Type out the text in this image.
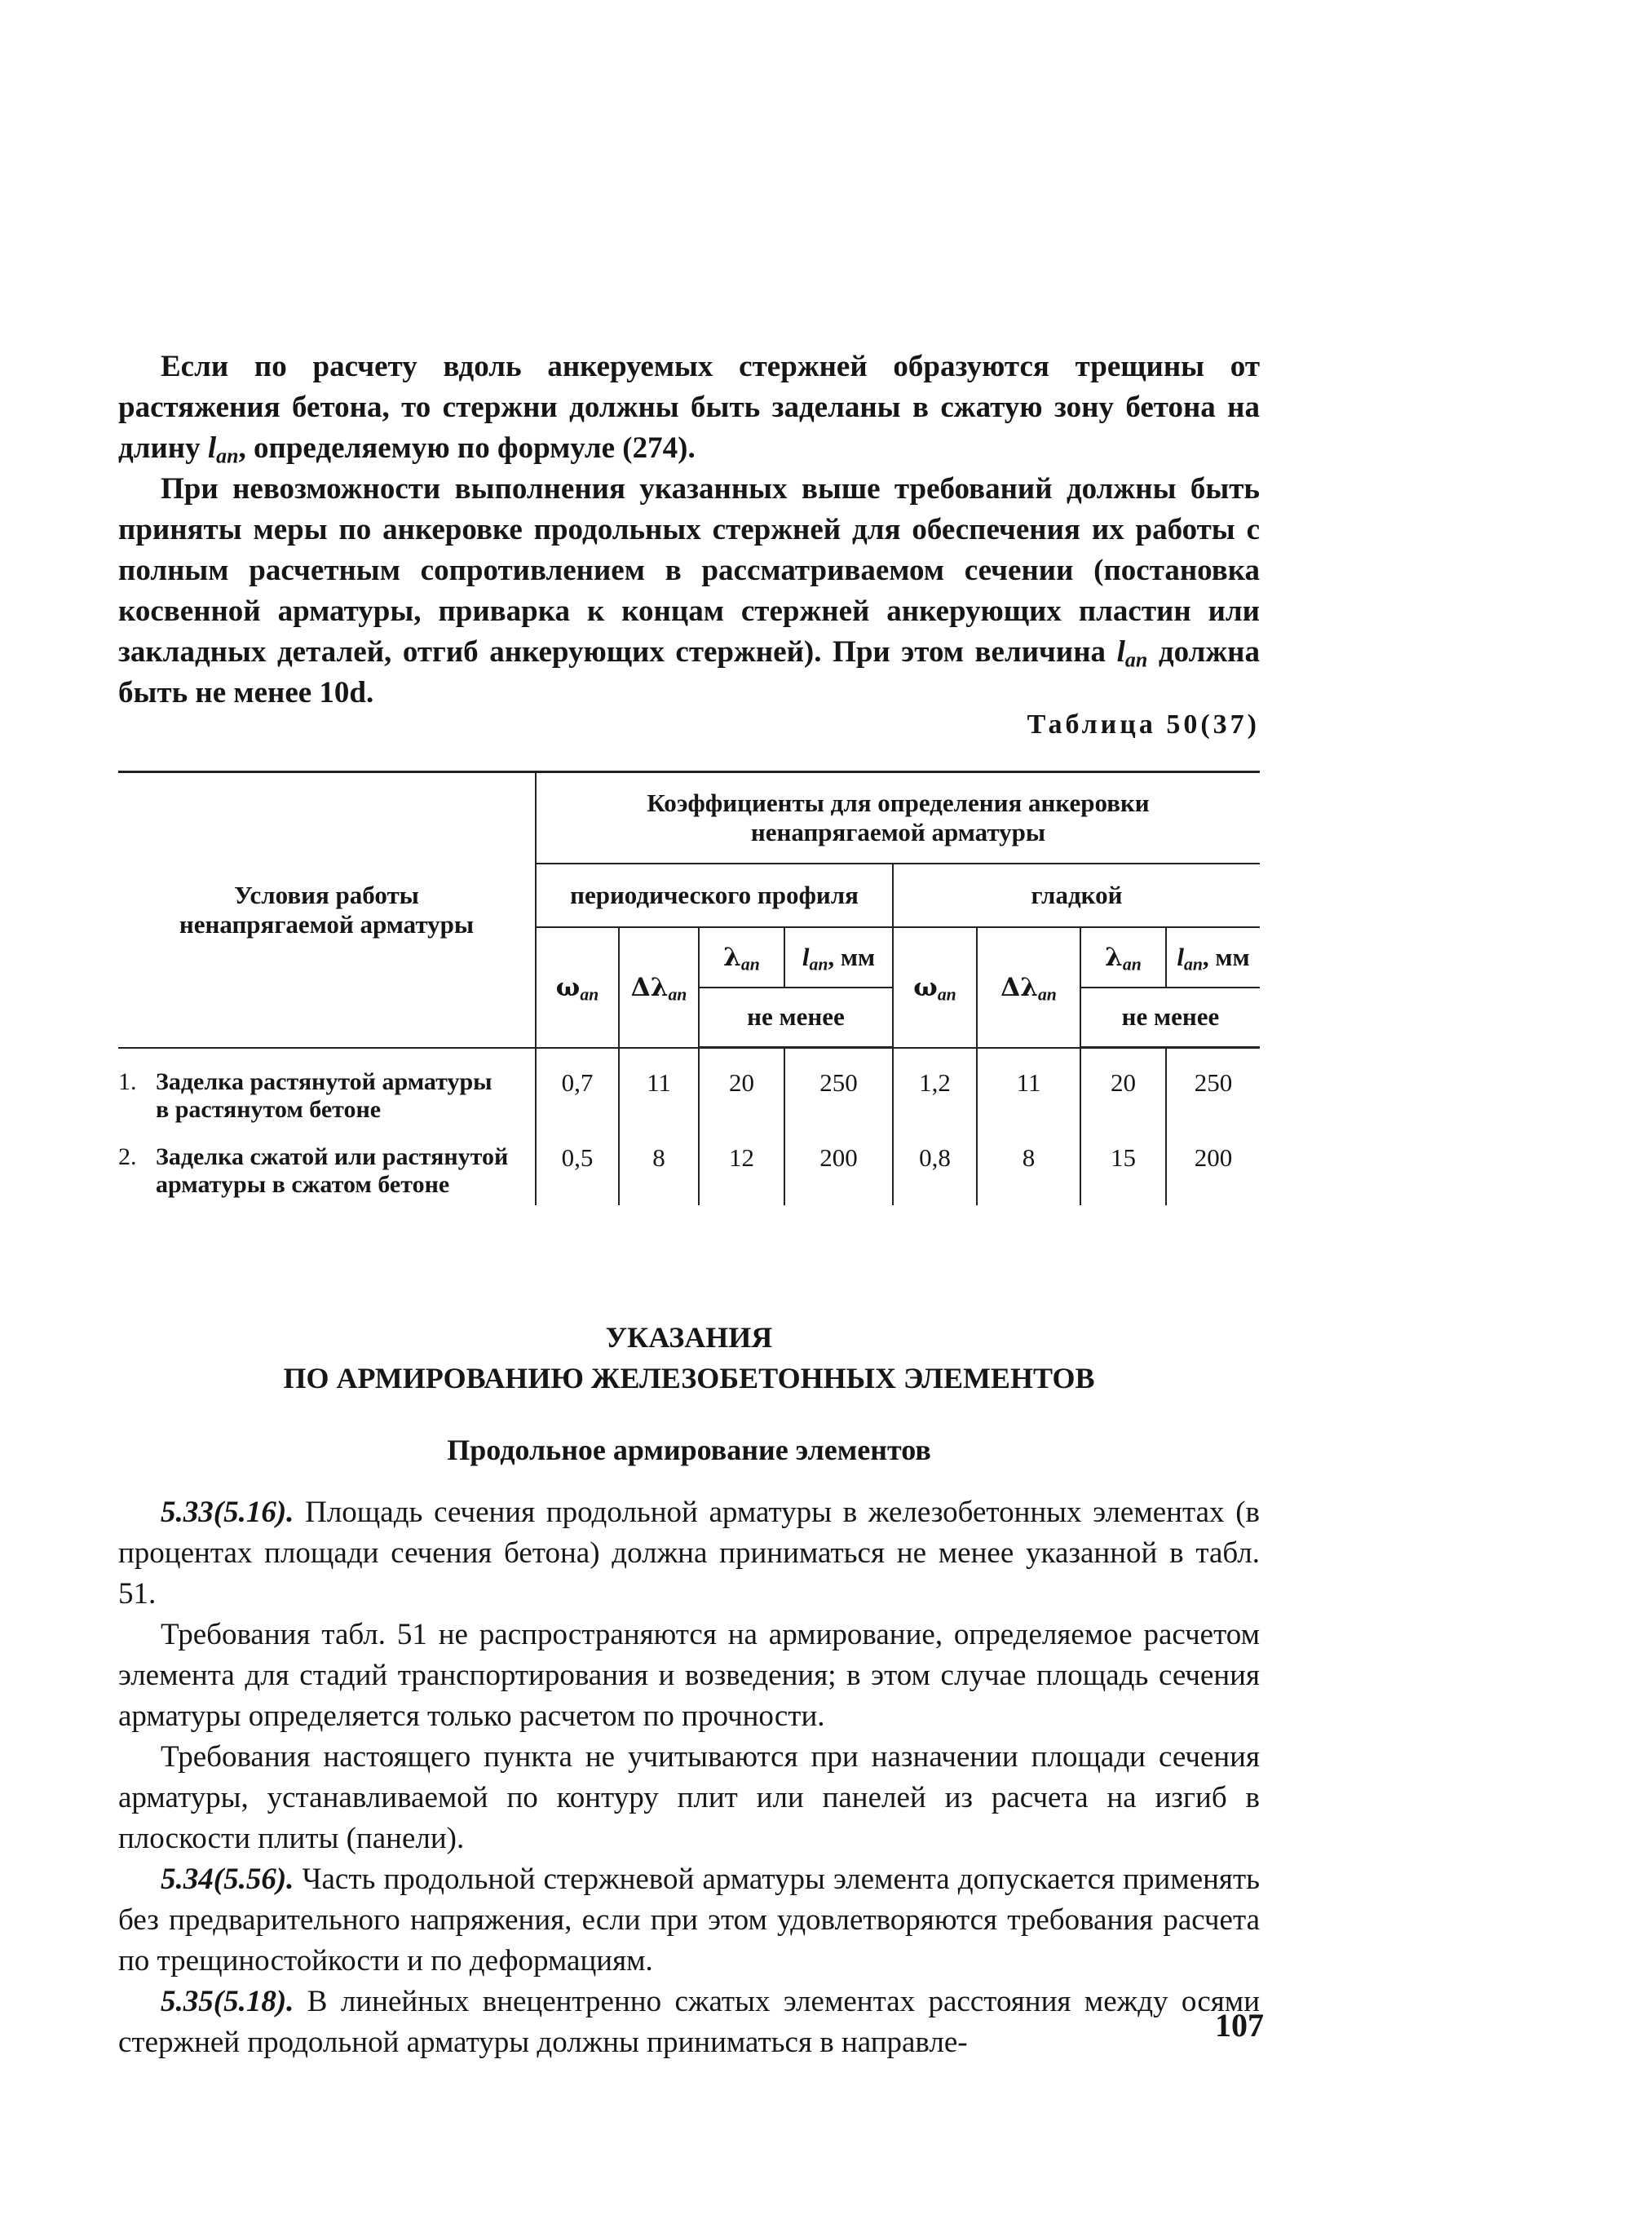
Если по расчету вдоль анкеруемых стержней образуются трещины от растяжения бетона, то стержни должны быть заделаны в сжатую зону бетона на длину $l_{an}$, определяемую по формуле (274).

При невозможности выполнения указанных выше требований должны быть приняты меры по анкеровке продольных стержней для обеспечения их работы с полным расчетным сопротивлением в рассматриваемом сечении (постановка косвенной арматуры, приварка к концам стержней анкерующих пластин или закладных деталей, отгиб анкерующих стержней). При этом величина $l_{an}$ должна быть не менее 10d.

Таблица 50(37)
Условия работы ненапрягаемой арматуры	Коэффициенты для определения анкеровки ненапрягаемой арматуры							
	периодического профиля				гладкой			
	$\omega_{an}$	$\Delta\lambda_{an}$	$\lambda_{an}$	$l_{an}$, мм	$\omega_{an}$	$\Delta\lambda_{an}$	$\lambda_{an}$	$l_{an}$, мм
			не менее				не менее	
1. Заделка растянутой арматуры в растянутом бетоне	0,7	11	20	250	1,2	11	20	250
2. Заделка сжатой или растянутой арматуры в сжатом бетоне	0,5	8	12	200	0,8	8	15	200

УКАЗАНИЯ

ПО АРМИРОВАНИЮ ЖЕЛЕЗОБЕТОННЫХ ЭЛЕМЕНТОВ

Продольное армирование элементов

5.33(5.16). Площадь сечения продольной арматуры в железобетонных элементах (в процентах площади сечения бетона) должна приниматься не менее указанной в табл. 51.

Требования табл. 51 не распространяются на армирование, определяемое расчетом элемента для стадий транспортирования и возведения; в этом случае площадь сечения арматуры определяется только расчетом по прочности.

Требования настоящего пункта не учитываются при назначении площади сечения арматуры, устанавливаемой по контуру плит или панелей из расчета на изгиб в плоскости плиты (панели).

5.34(5.56). Часть продольной стержневой арматуры элемента допускается применять без предварительного напряжения, если при этом удовлетворяются требования расчета по трещиностойкости и по деформациям.

5.35(5.18). В линейных внецентренно сжатых элементах расстояния между осями стержней продольной арматуры должны приниматься в направле-	107
